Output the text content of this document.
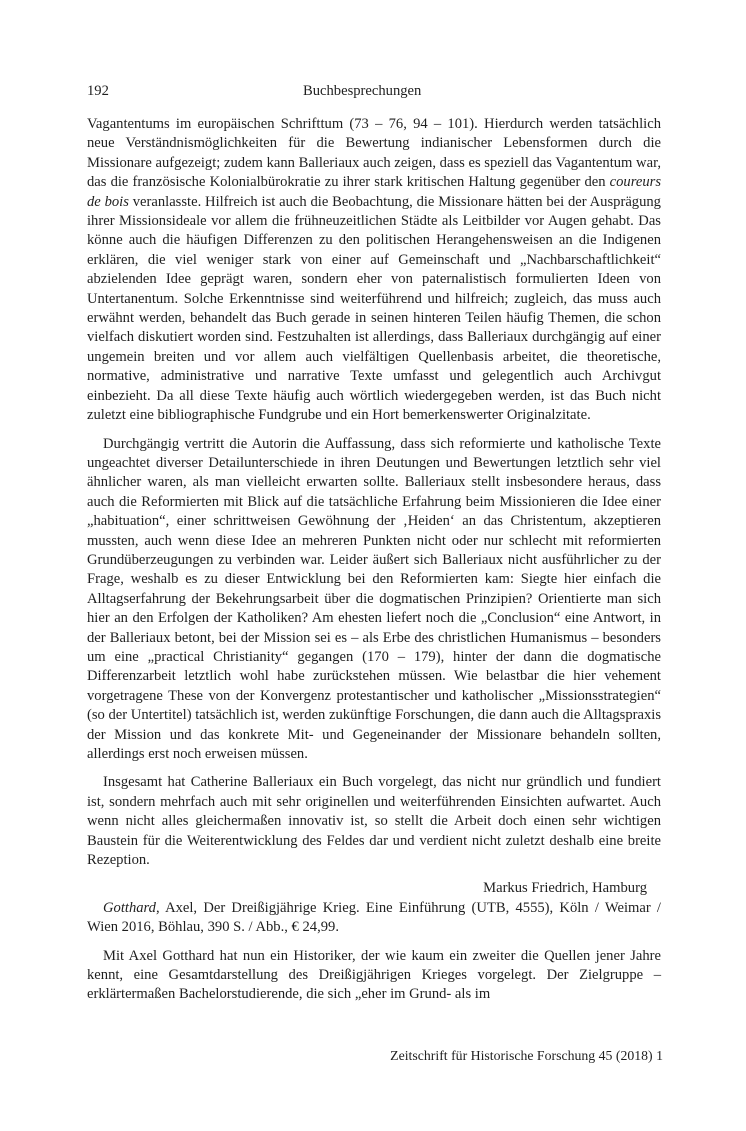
192	Buchbesprechungen

Vagantentums im europäischen Schrifttum (73 – 76, 94 – 101). Hierdurch werden tatsächlich neue Verständnismöglichkeiten für die Bewertung indianischer Lebensformen durch die Missionare aufgezeigt; zudem kann Balleriaux auch zeigen, dass es speziell das Vagantentum war, das die französische Kolonialbürokratie zu ihrer stark kritischen Haltung gegenüber den coureurs de bois veranlasste. Hilfreich ist auch die Beobachtung, die Missionare hätten bei der Ausprägung ihrer Missionsideale vor allem die frühneuzeitlichen Städte als Leitbilder vor Augen gehabt. Das könne auch die häufigen Differenzen zu den politischen Herangehensweisen an die Indigenen erklären, die viel weniger stark von einer auf Gemeinschaft und „Nachbarschaftlichkeit“ abzielenden Idee geprägt waren, sondern eher von paternalistisch formulierten Ideen von Untertanentum. Solche Erkenntnisse sind weiterführend und hilfreich; zugleich, das muss auch erwähnt werden, behandelt das Buch gerade in seinen hinteren Teilen häufig Themen, die schon vielfach diskutiert worden sind. Festzuhalten ist allerdings, dass Balleriaux durchgängig auf einer ungemein breiten und vor allem auch vielfältigen Quellenbasis arbeitet, die theoretische, normative, administrative und narrative Texte umfasst und gelegentlich auch Archivgut einbezieht. Da all diese Texte häufig auch wörtlich wiedergegeben werden, ist das Buch nicht zuletzt eine bibliographische Fundgrube und ein Hort bemerkenswerter Originalzitate.

Durchgängig vertritt die Autorin die Auffassung, dass sich reformierte und katholische Texte ungeachtet diverser Detailunterschiede in ihren Deutungen und Bewertungen letztlich sehr viel ähnlicher waren, als man vielleicht erwarten sollte. Balleriaux stellt insbesondere heraus, dass auch die Reformierten mit Blick auf die tatsächliche Erfahrung beim Missionieren die Idee einer „habituation“, einer schrittweisen Gewöhnung der ‚Heiden‘ an das Christentum, akzeptieren mussten, auch wenn diese Idee an mehreren Punkten nicht oder nur schlecht mit reformierten Grundüberzeugungen zu verbinden war. Leider äußert sich Balleriaux nicht ausführlicher zu der Frage, weshalb es zu dieser Entwicklung bei den Reformierten kam: Siegte hier einfach die Alltagserfahrung der Bekehrungsarbeit über die dogmatischen Prinzipien? Orientierte man sich hier an den Erfolgen der Katholiken? Am ehesten liefert noch die „Conclusion“ eine Antwort, in der Balleriaux betont, bei der Mission sei es – als Erbe des christlichen Humanismus – besonders um eine „practical Christianity“ gegangen (170 – 179), hinter der dann die dogmatische Differenzarbeit letztlich wohl habe zurückstehen müssen. Wie belastbar die hier vehement vorgetragene These von der Konvergenz protestantischer und katholischer „Missionsstrategien“ (so der Untertitel) tatsächlich ist, werden zukünftige Forschungen, die dann auch die Alltagspraxis der Mission und das konkrete Mit- und Gegeneinander der Missionare behandeln sollten, allerdings erst noch erweisen müssen.

Insgesamt hat Catherine Balleriaux ein Buch vorgelegt, das nicht nur gründlich und fundiert ist, sondern mehrfach auch mit sehr originellen und weiterführenden Einsichten aufwartet. Auch wenn nicht alles gleichermaßen innovativ ist, so stellt die Arbeit doch einen sehr wichtigen Baustein für die Weiterentwicklung des Feldes dar und verdient nicht zuletzt deshalb eine breite Rezeption.

Markus Friedrich, Hamburg

Gotthard, Axel, Der Dreißigjährige Krieg. Eine Einführung (UTB, 4555), Köln / Weimar / Wien 2016, Böhlau, 390 S. / Abb., € 24,99.

Mit Axel Gotthard hat nun ein Historiker, der wie kaum ein zweiter die Quellen jener Jahre kennt, eine Gesamtdarstellung des Dreißigjährigen Krieges vorgelegt. Der Zielgruppe – erklärtermaßen Bachelorstudierende, die sich „eher im Grund- als im

Zeitschrift für Historische Forschung 45 (2018) 1
